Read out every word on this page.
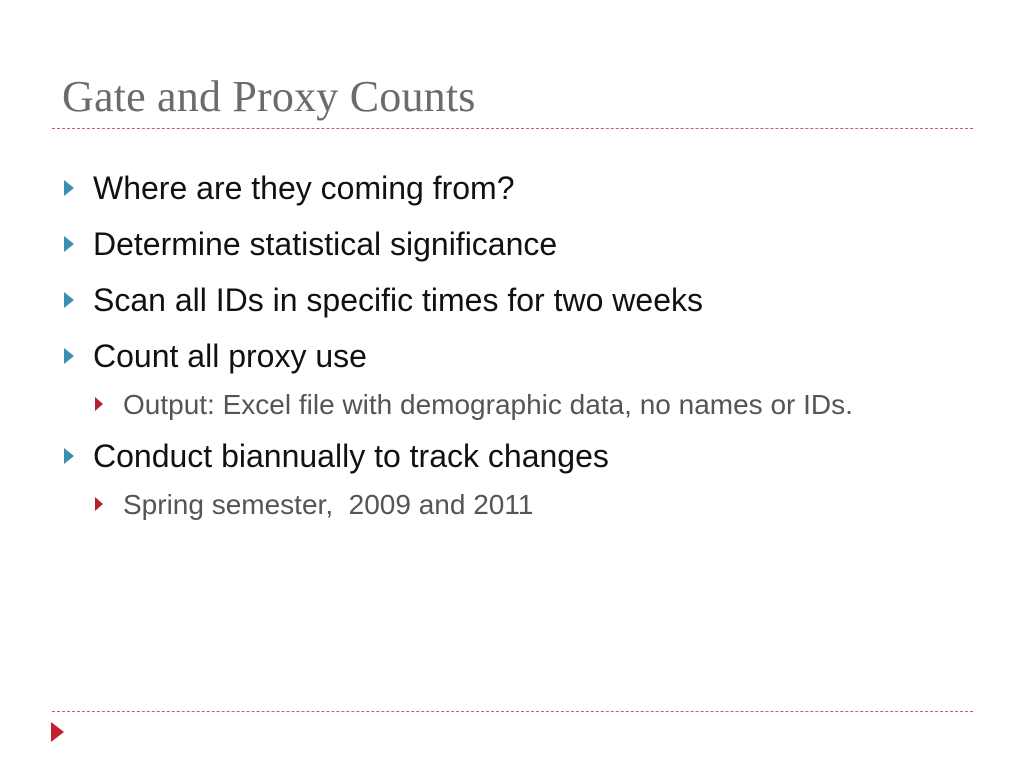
Gate and Proxy Counts
Where are they coming from?
Determine statistical significance
Scan all IDs in specific times for two weeks
Count all proxy use
Output: Excel file with demographic data, no names or IDs.
Conduct biannually to track changes
Spring semester,  2009 and 2011
